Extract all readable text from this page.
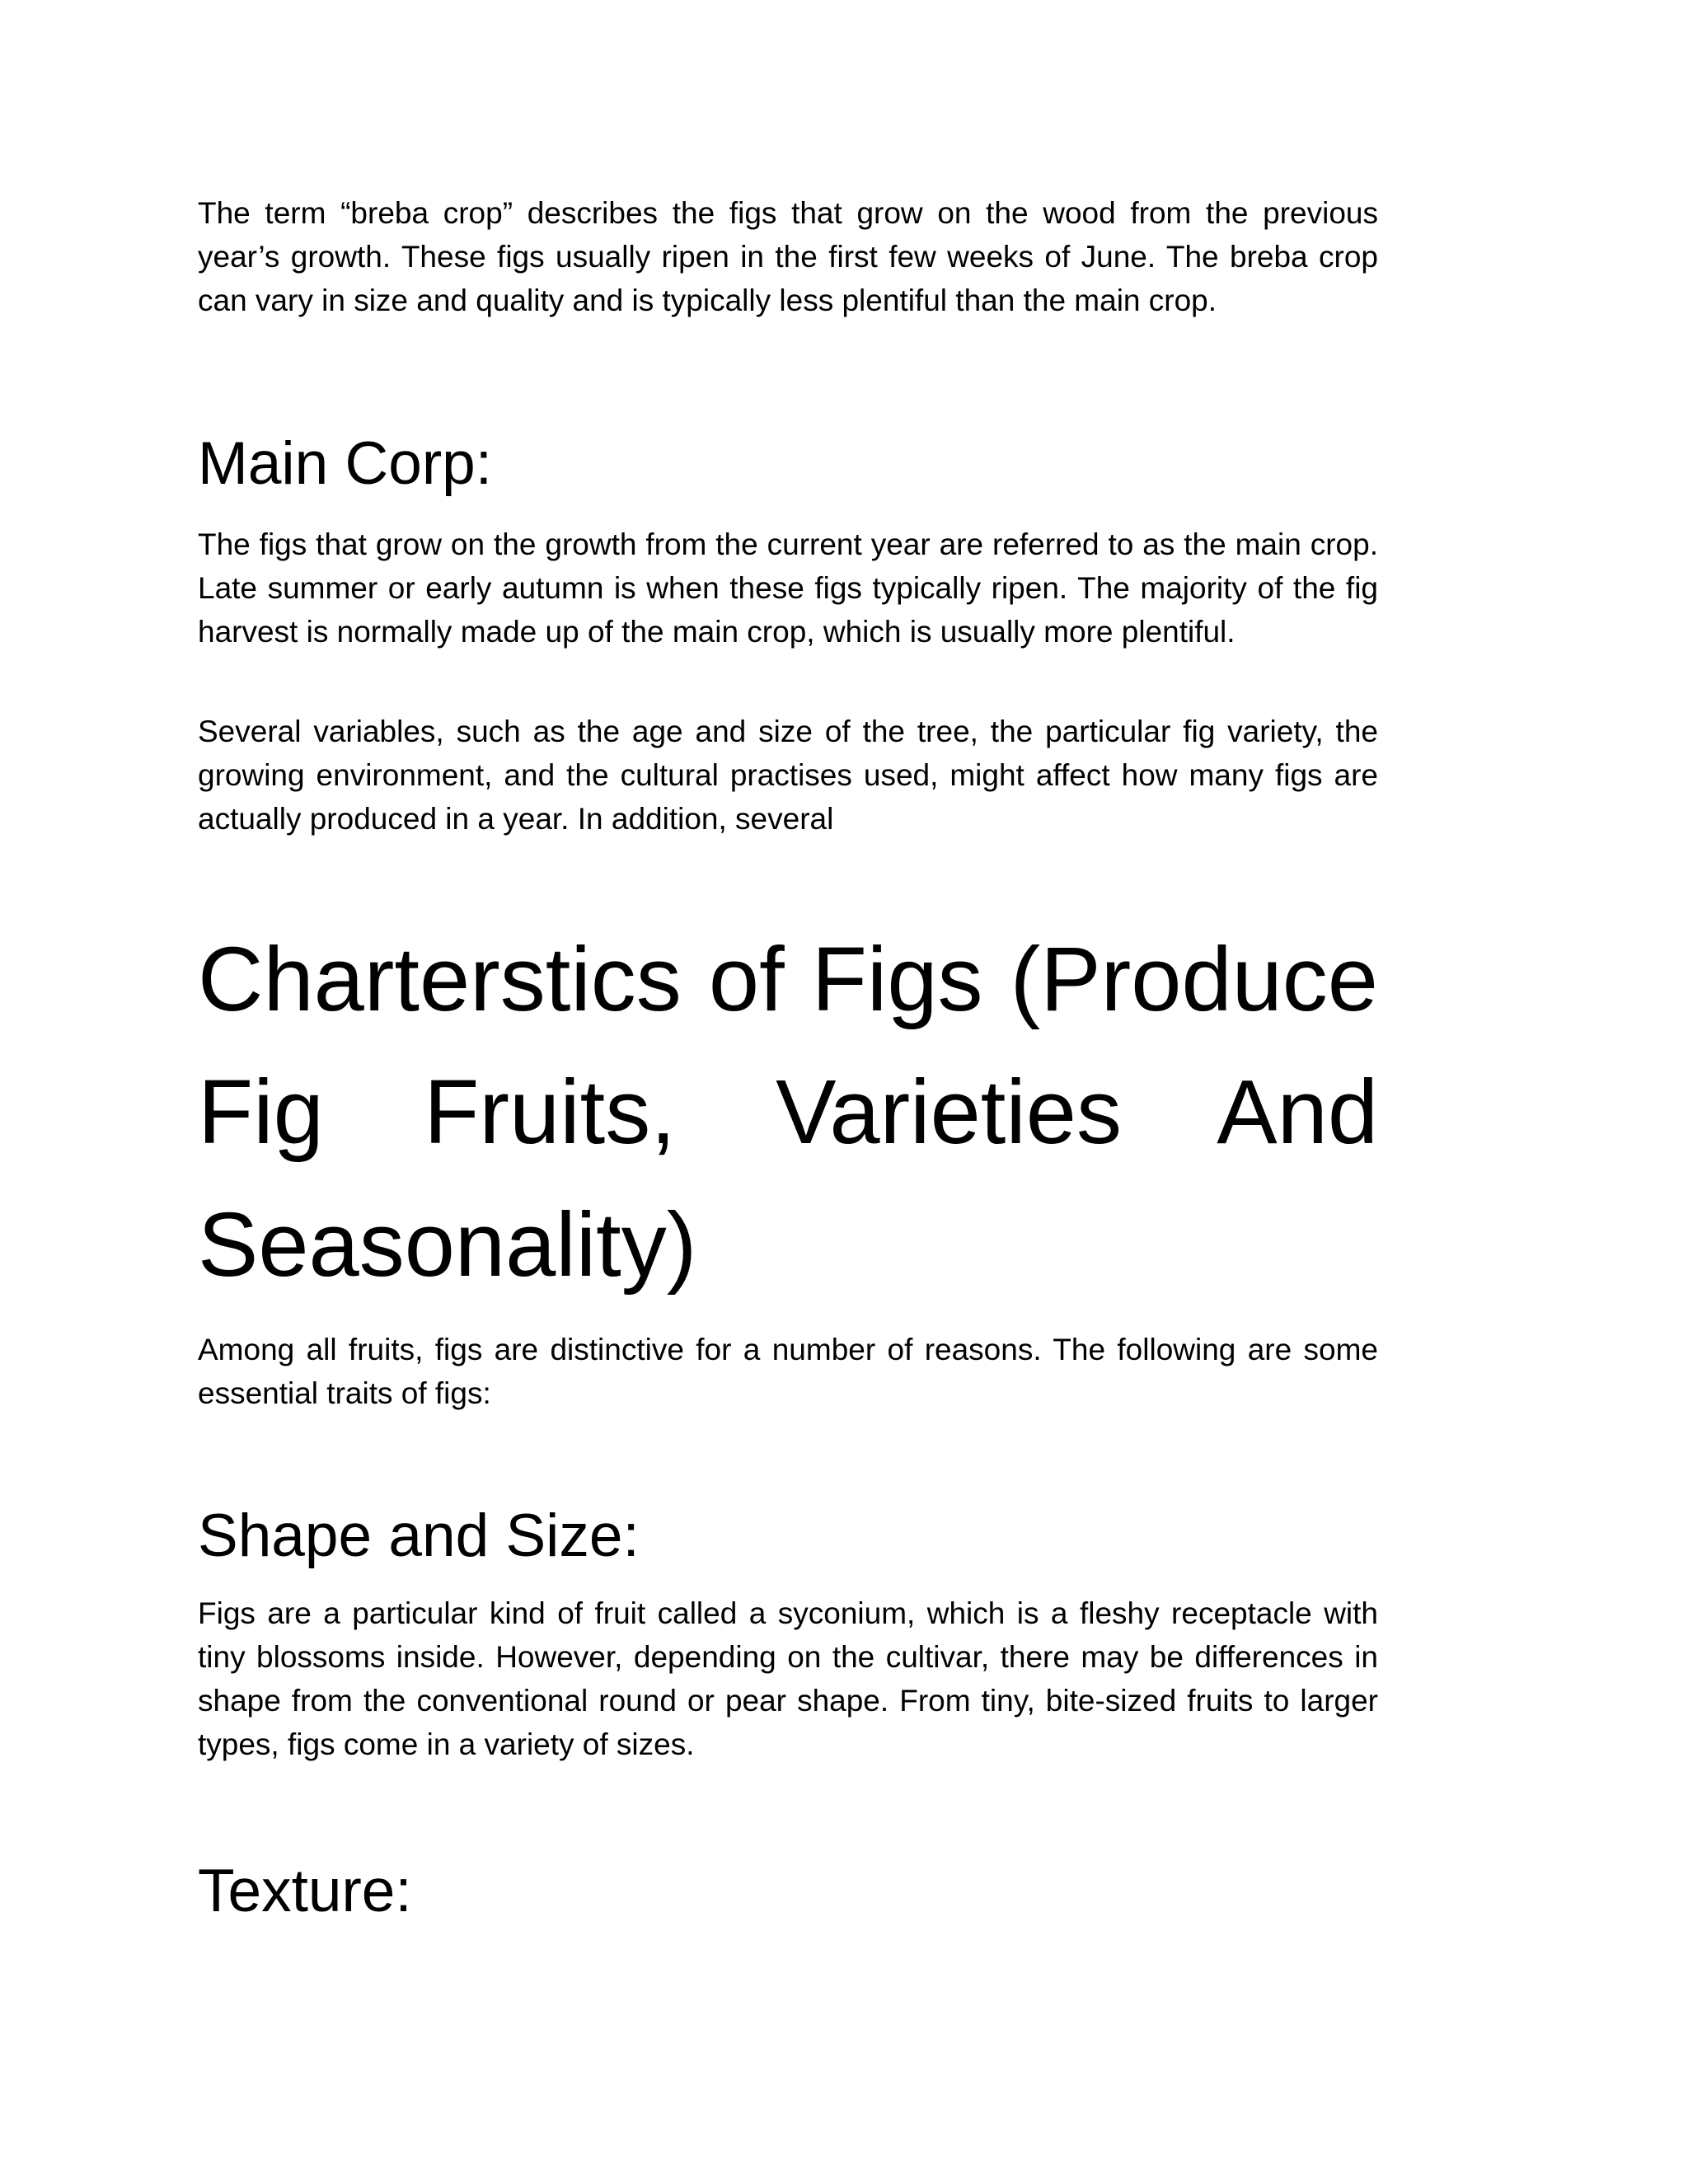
The term “breba crop” describes the figs that grow on the wood from the previous year’s growth. These figs usually ripen in the first few weeks of June. The breba crop can vary in size and quality and is typically less plentiful than the main crop.

Main Corp:

The figs that grow on the growth from the current year are referred to as the main crop. Late summer or early autumn is when these figs typically ripen. The majority of the fig harvest is normally made up of the main crop, which is usually more plentiful.

Several variables, such as the age and size of the tree, the particular fig variety, the growing environment, and the cultural practises used, might affect how many figs are actually produced in a year. In addition, several

Charterstics of Figs (Produce Fig Fruits, Varieties And Seasonality)

Among all fruits, figs are distinctive for a number of reasons. The following are some essential traits of figs:

Shape and Size:

Figs are a particular kind of fruit called a syconium, which is a fleshy receptacle with tiny blossoms inside. However, depending on the cultivar, there may be differences in shape from the conventional round or pear shape. From tiny, bite-sized fruits to larger types, figs come in a variety of sizes.

Texture:
